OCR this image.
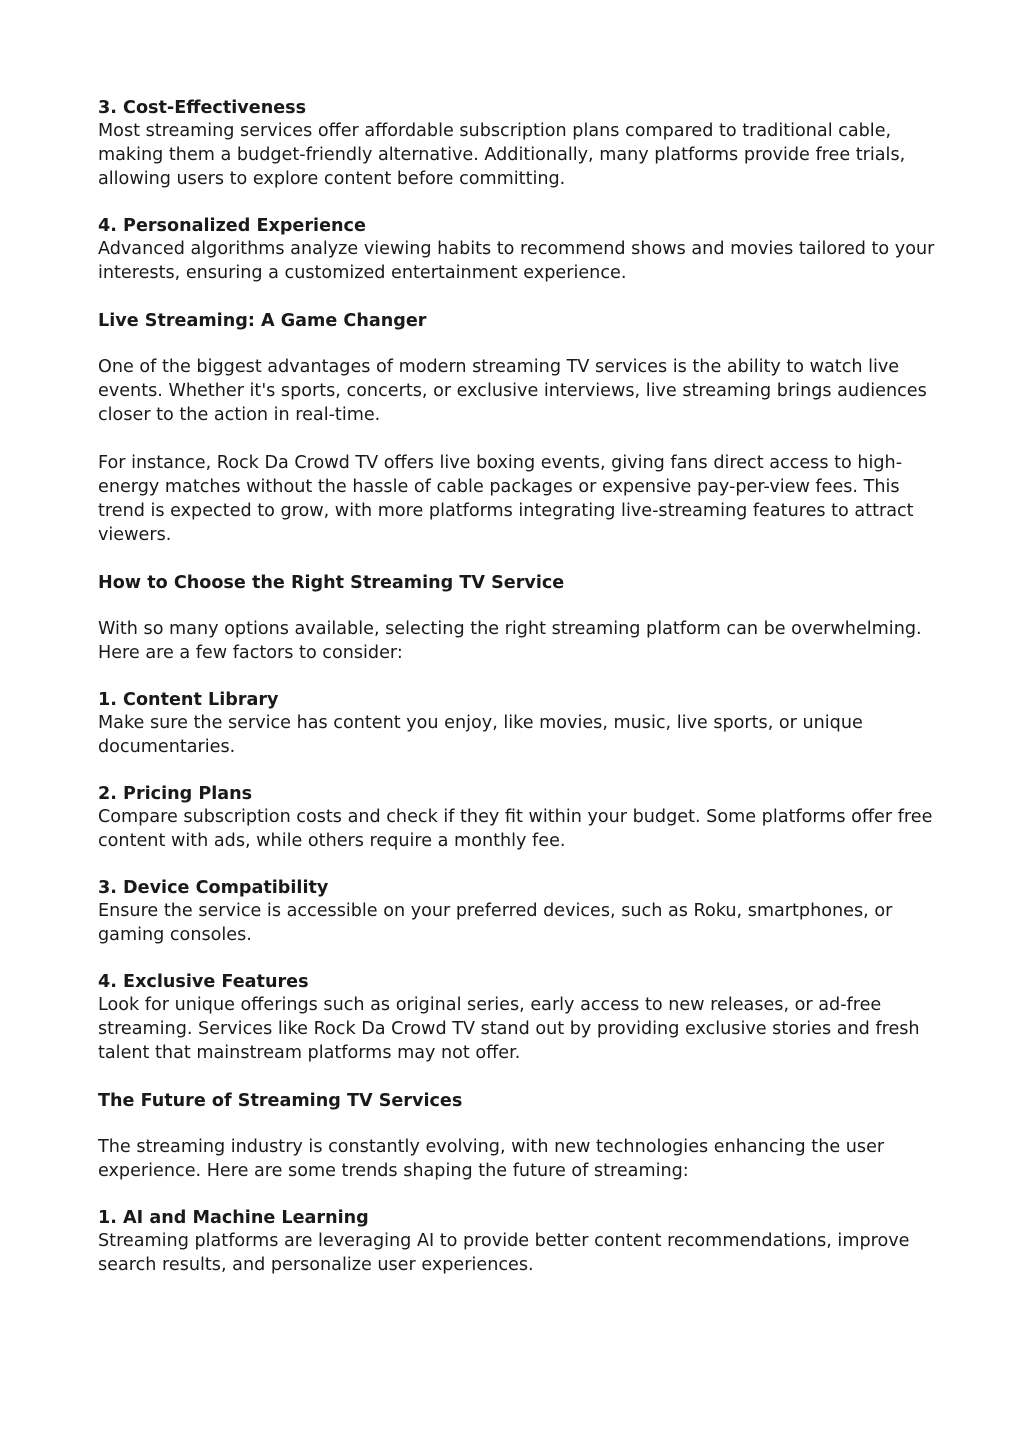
3. Cost-Effectiveness
Most streaming services offer affordable subscription plans compared to traditional cable, making them a budget-friendly alternative. Additionally, many platforms provide free trials, allowing users to explore content before committing.
4. Personalized Experience
Advanced algorithms analyze viewing habits to recommend shows and movies tailored to your interests, ensuring a customized entertainment experience.
Live Streaming: A Game Changer

One of the biggest advantages of modern streaming TV services is the ability to watch live events. Whether it's sports, concerts, or exclusive interviews, live streaming brings audiences closer to the action in real-time.

For instance, Rock Da Crowd TV offers live boxing events, giving fans direct access to high-energy matches without the hassle of cable packages or expensive pay-per-view fees. This trend is expected to grow, with more platforms integrating live-streaming features to attract viewers.

How to Choose the Right Streaming TV Service

With so many options available, selecting the right streaming platform can be overwhelming. Here are a few factors to consider:

1. Content Library
Make sure the service has content you enjoy, like movies, music, live sports, or unique documentaries.
2. Pricing Plans
Compare subscription costs and check if they fit within your budget. Some platforms offer free content with ads, while others require a monthly fee.
3. Device Compatibility
Ensure the service is accessible on your preferred devices, such as Roku, smartphones, or gaming consoles.
4. Exclusive Features
Look for unique offerings such as original series, early access to new releases, or ad-free streaming. Services like Rock Da Crowd TV stand out by providing exclusive stories and fresh talent that mainstream platforms may not offer.
The Future of Streaming TV Services

The streaming industry is constantly evolving, with new technologies enhancing the user experience. Here are some trends shaping the future of streaming:

1. AI and Machine Learning
Streaming platforms are leveraging AI to provide better content recommendations, improve search results, and personalize user experiences.
